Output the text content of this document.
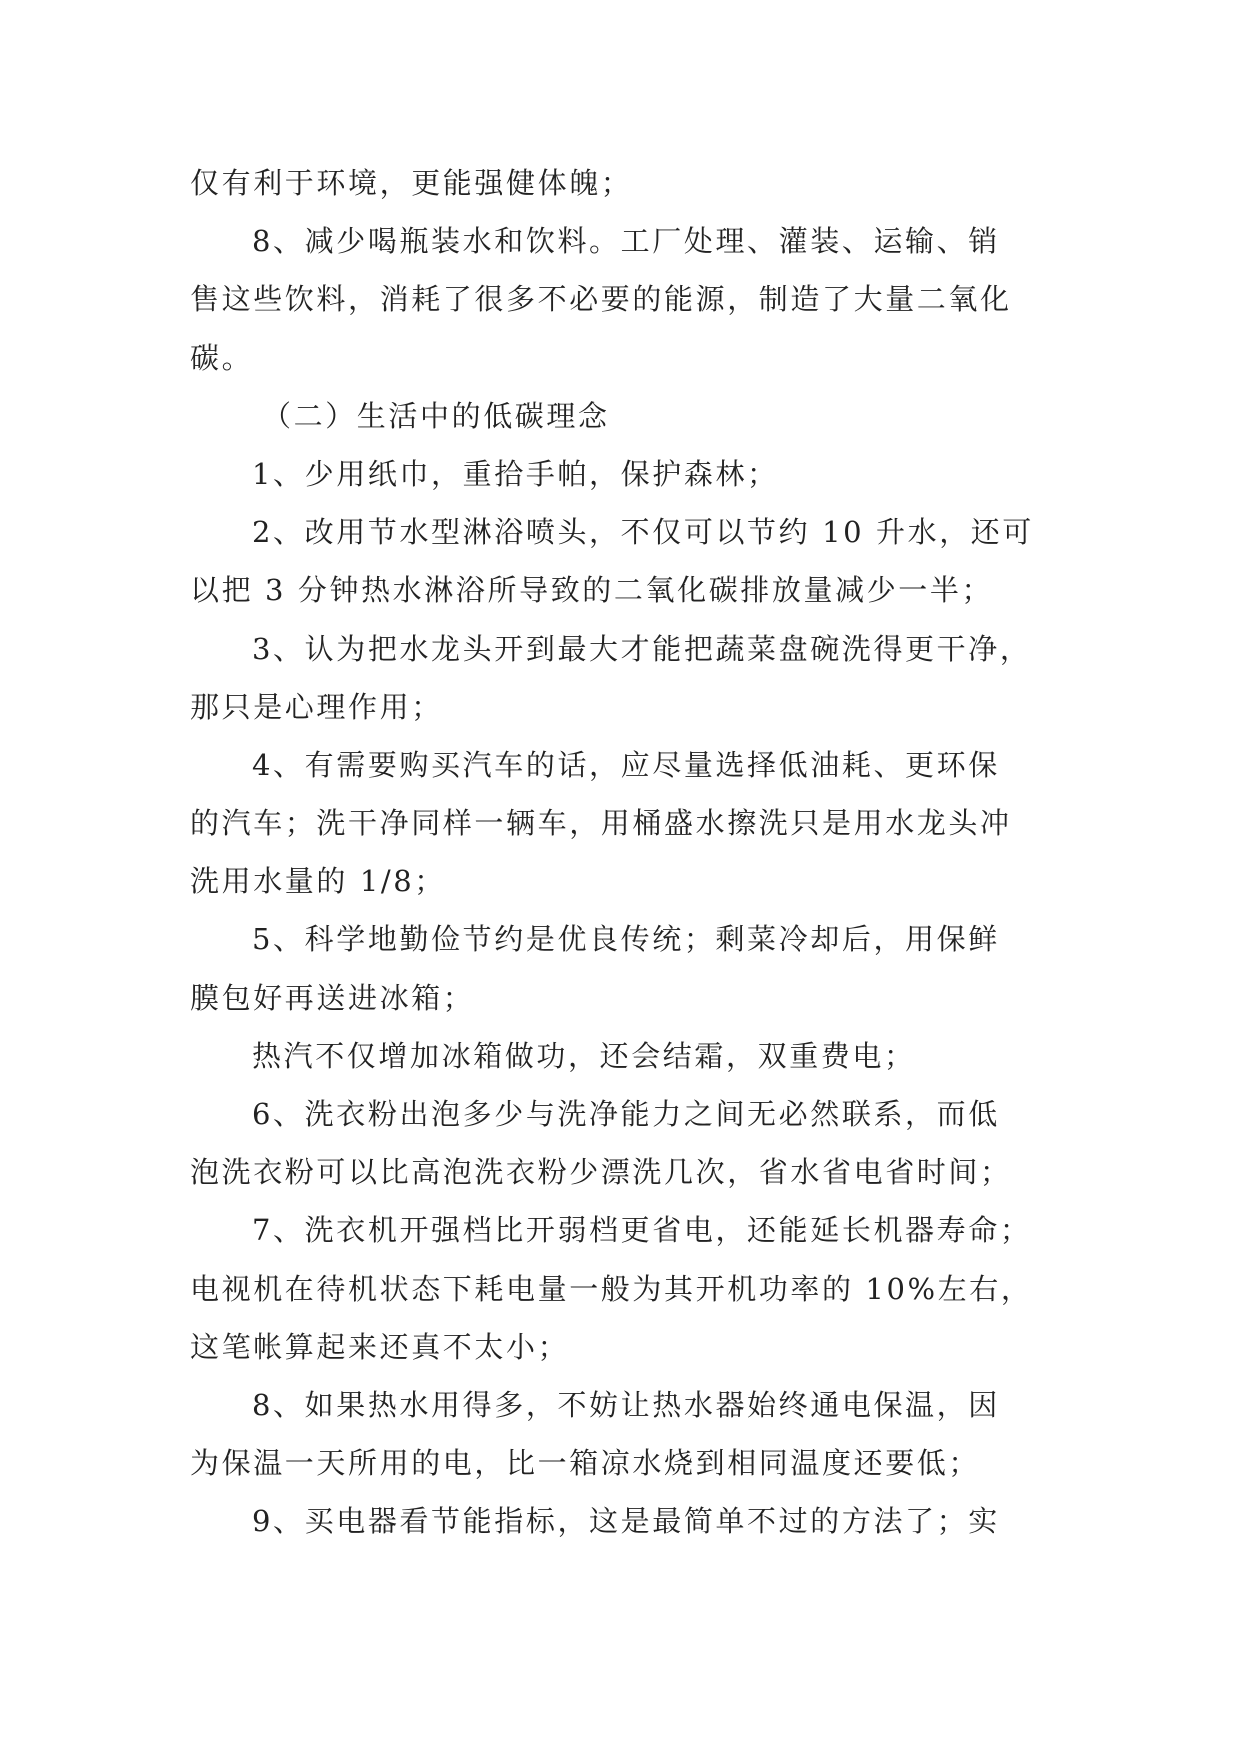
仅有利于环境，更能强健体魄；
8、减少喝瓶装水和饮料。工厂处理、灌装、运输、销
售这些饮料，消耗了很多不必要的能源，制造了大量二氧化
碳。
（二）生活中的低碳理念
1、少用纸巾，重拾手帕，保护森林；
2、改用节水型淋浴喷头，不仅可以节约 10 升水，还可
以把 3 分钟热水淋浴所导致的二氧化碳排放量减少一半；
3、认为把水龙头开到最大才能把蔬菜盘碗洗得更干净，
那只是心理作用；
4、有需要购买汽车的话，应尽量选择低油耗、更环保
的汽车；洗干净同样一辆车，用桶盛水擦洗只是用水龙头冲
洗用水量的 1/8；
5、科学地勤俭节约是优良传统；剩菜冷却后，用保鲜
膜包好再送进冰箱；
热汽不仅增加冰箱做功，还会结霜，双重费电；
6、洗衣粉出泡多少与洗净能力之间无必然联系，而低
泡洗衣粉可以比高泡洗衣粉少漂洗几次，省水省电省时间；
7、洗衣机开强档比开弱档更省电，还能延长机器寿命；
电视机在待机状态下耗电量一般为其开机功率的 10%左右，
这笔帐算起来还真不太小；
8、如果热水用得多，不妨让热水器始终通电保温，因
为保温一天所用的电，比一箱凉水烧到相同温度还要低；
9、买电器看节能指标，这是最简单不过的方法了；实
